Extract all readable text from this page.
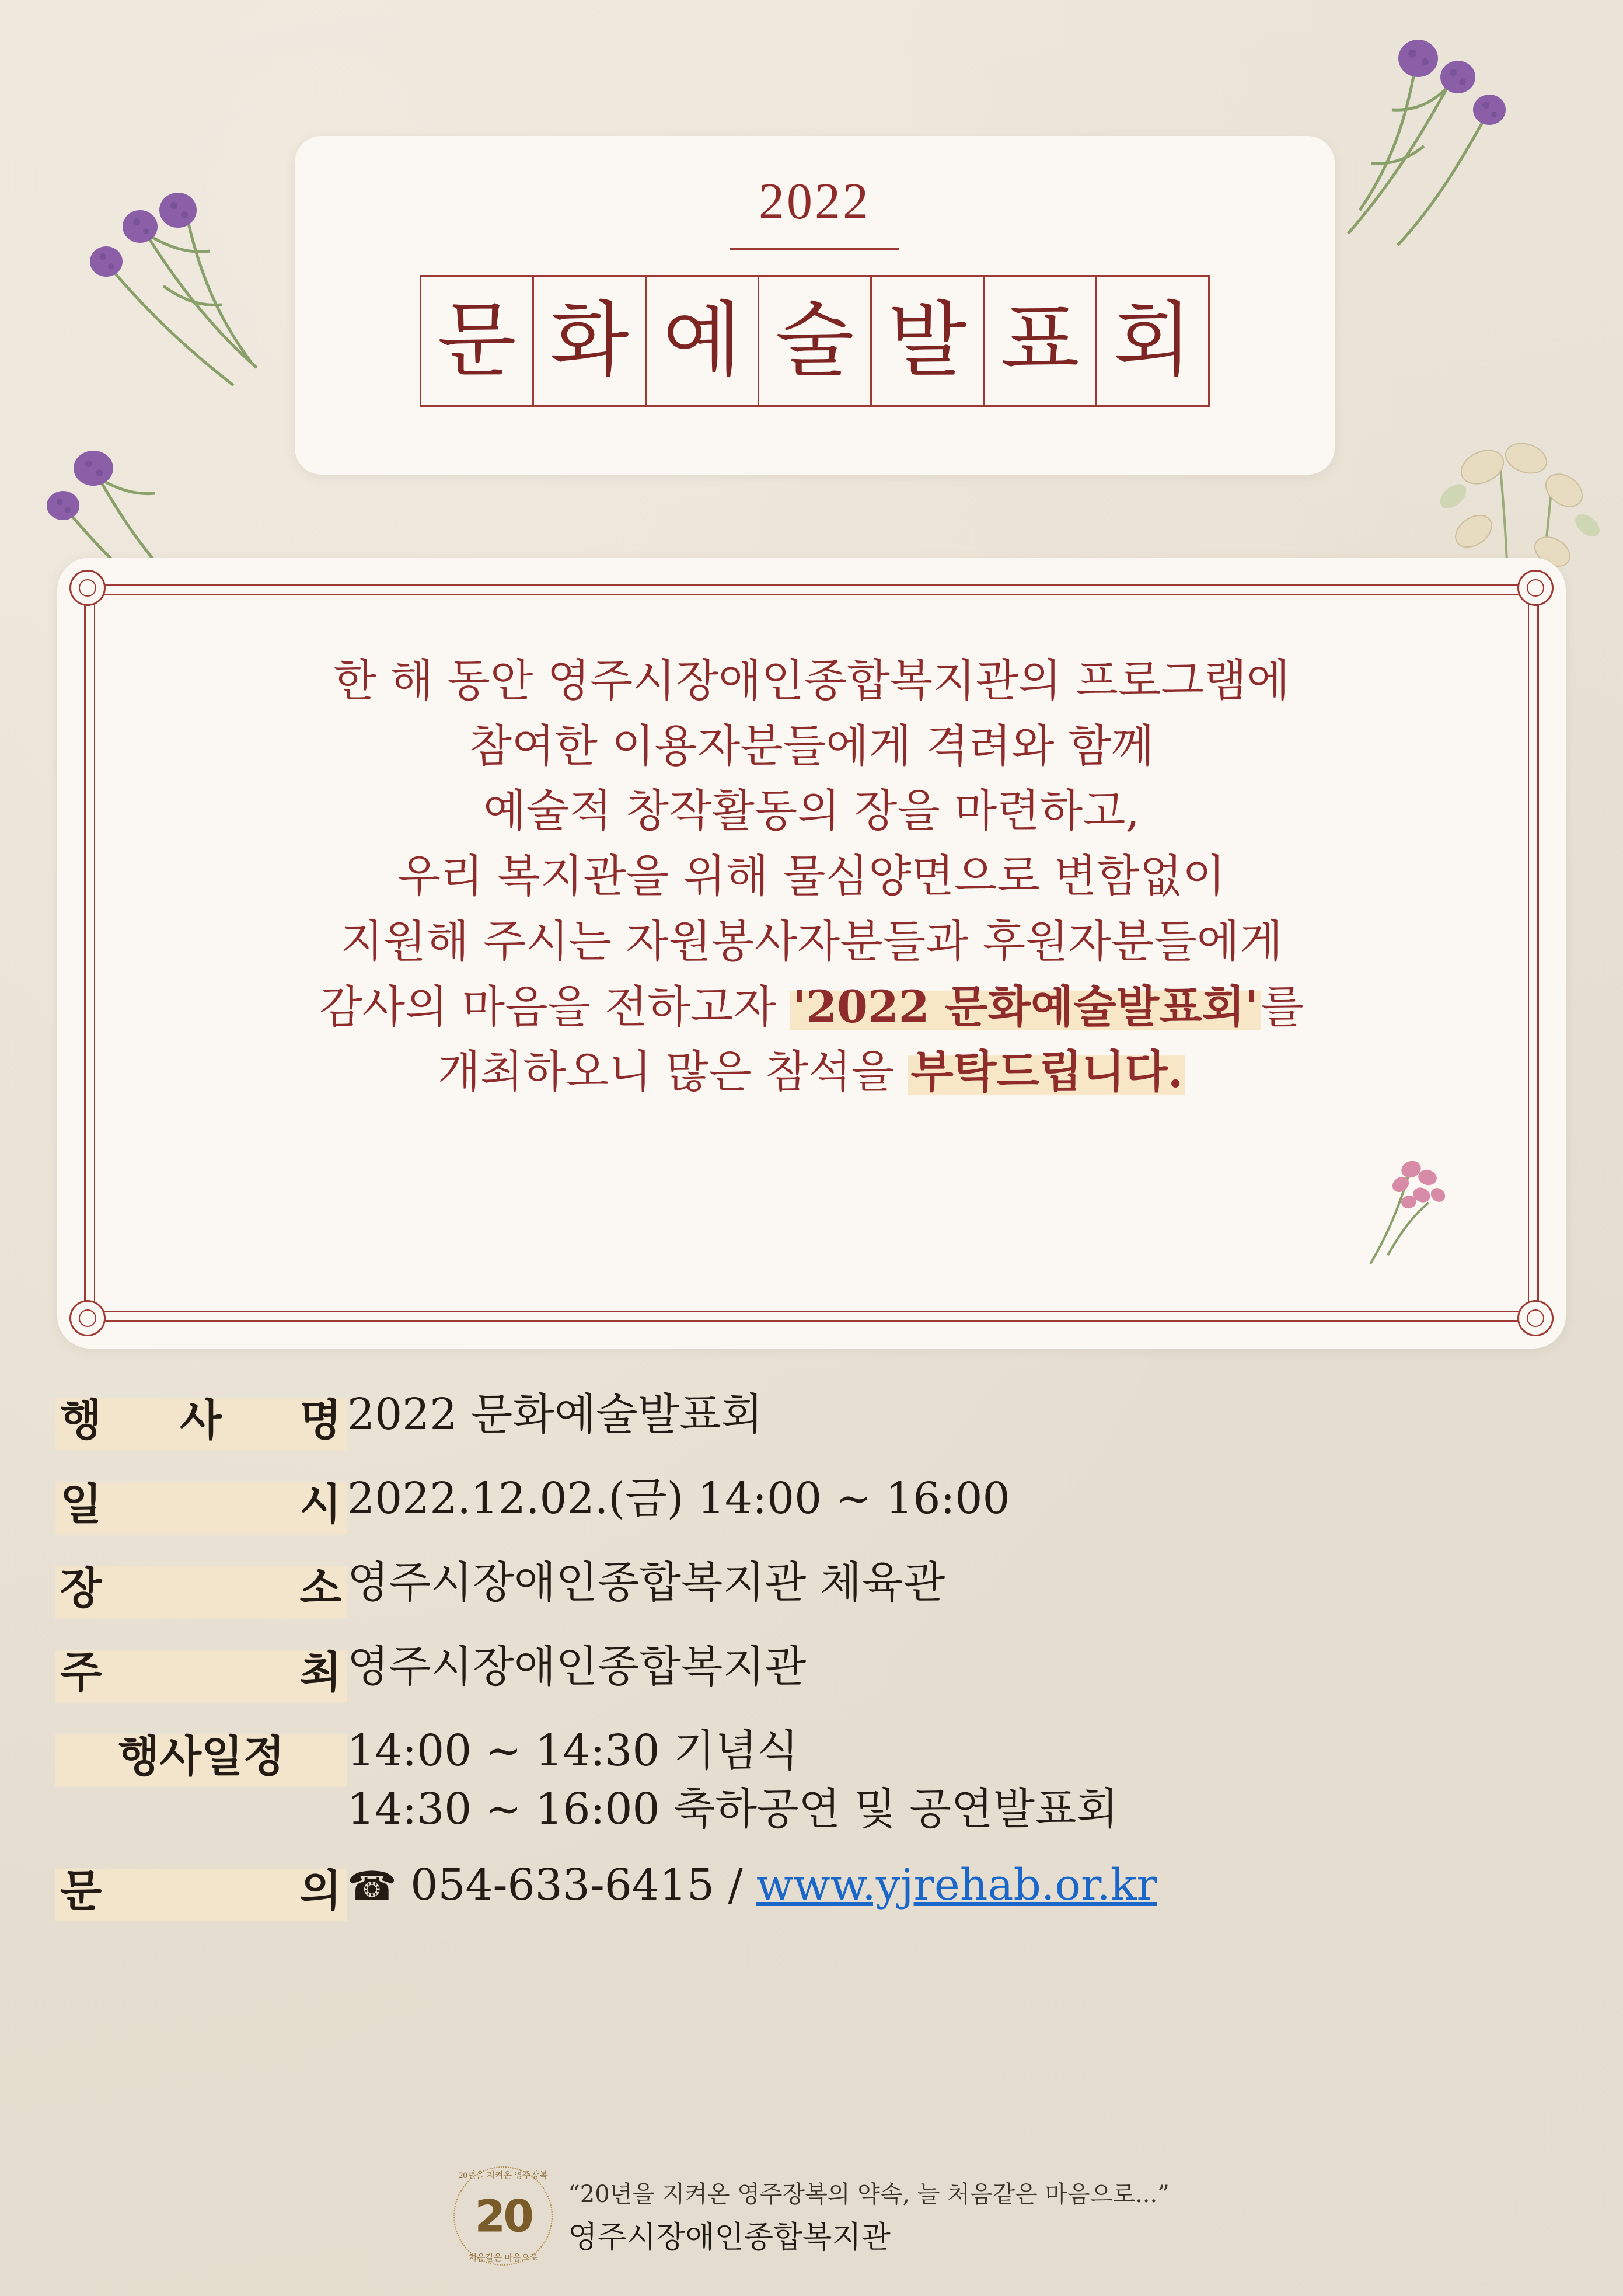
2022
문 화 예 술 발 표 회
한 해 동안 영주시장애인종합복지관의 프로그램에
참여한 이용자분들에게 격려와 함께
예술적 창작활동의 장을 마련하고,
우리 복지관을 위해 물심양면으로 변함없이
지원해 주시는 자원봉사자분들과 후원자분들에게
감사의 마음을 전하고자 '2022 문화예술발표회'를
개최하오니 많은 참석을 부탁드립니다.
행 사 명 2022 문화예술발표회
일	시 2022.12.02.(금) 14:00 ~ 16:00
장	소 영주시장애인종합복지관 체육관
주	최 영주시장애인종합복지관
행사일정 14:00 ~ 14:30 기념식
14:30 ~ 16:00 축하공연 및 공연발표회
문	의 ☎ 054-633-6415 / www.yjrehab.or.kr
20년을 지켜온 영주장복
처음같은 마음으로
20 “20년을 지켜온 영주장복의 약속, 늘 처음같은 마음으로...”
영주시장애인종합복지관
